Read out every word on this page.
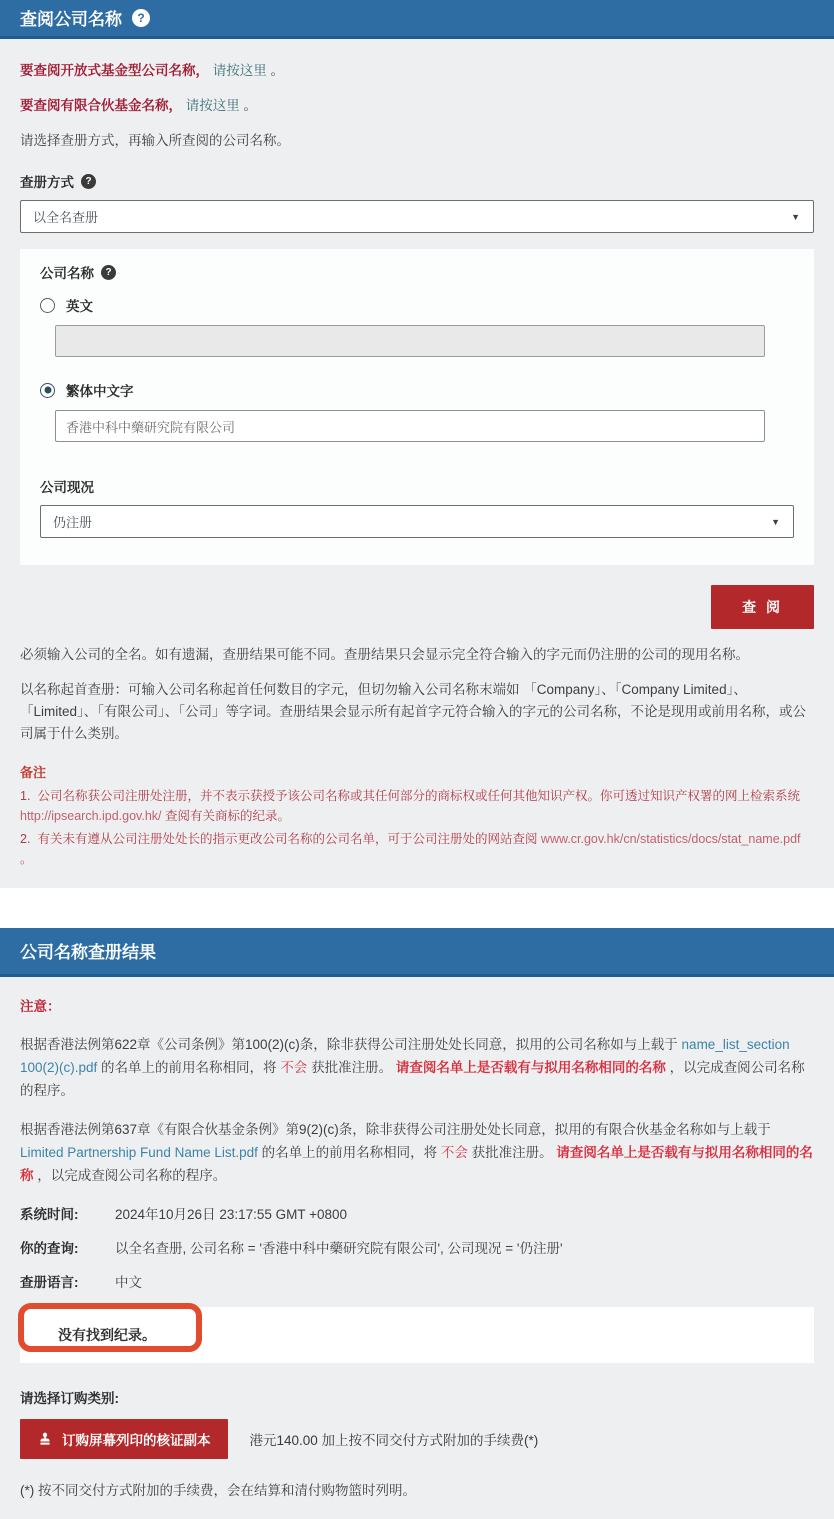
查阅公司名称	?

要查阅开放式基金型公司名称， 请按这里 。

要查阅有限合伙基金名称， 请按这里 。

请选择查册方式，再输入所查阅的公司名称。

查册方式	?
以全名查册	▼
公司名称	?
英文
繁体中文字
香港中科中藥研究院有限公司
公司现况
仍注册	▼
查 阅

必须输入公司的全名。如有遗漏，查册结果可能不同。查册结果只会显示完全符合输入的字元而仍注册的公司的现用名称。

以名称起首查册：可输入公司名称起首任何数目的字元，但切勿输入公司名称末端如 「Company」、「Company Limited」、「Limited」、「有限公司」、「公司」等字词。查册结果会显示所有起首字元符合输入的字元的公司名称，不论是现用或前用名称，或公司属于什么类别。

备注

1. 公司名称获公司注册处注册，并不表示获授予该公司名称或其任何部分的商标权或任何其他知识产权。你可透过知识产权署的网上检索系统 http://ipsearch.ipd.gov.hk/ 查阅有关商标的纪录。
2. 有关未有遵从公司注册处处长的指示更改公司名称的公司名单，可于公司注册处的网站查阅 www.cr.gov.hk/cn/statistics/docs/stat_name.pdf 。
公司名称查册结果

注意：

根据香港法例第622章《公司条例》第100(2)(c)条，除非获得公司注册处处长同意，拟用的公司名称如与上载于 name_list_section 100(2)(c).pdf 的名单上的前用名称相同，将 不会 获批准注册。 请查阅名单上是否载有与拟用名称相同的名称 ，以完成查阅公司名称的程序。

根据香港法例第637章《有限合伙基金条例》第9(2)(c)条，除非获得公司注册处处长同意，拟用的有限合伙基金名称如与上载于 Limited Partnership Fund Name List.pdf 的名单上的前用名称相同，将 不会 获批准注册。 请查阅名单上是否载有与拟用名称相同的名称 ，以完成查阅公司名称的程序。

系统时间:	2024年10月26日 23:17:55 GMT +0800
你的查询:	以全名查册, 公司名称 = '香港中科中藥研究院有限公司', 公司现况 = '仍注册'
查册语言:	中文
没有找到纪录。

请选择订购类别:

订购屏幕列印的核证副本	港元140.00 加上按不同交付方式附加的手续费(*)

(*) 按不同交付方式附加的手续费，会在结算和清付购物篮时列明。
